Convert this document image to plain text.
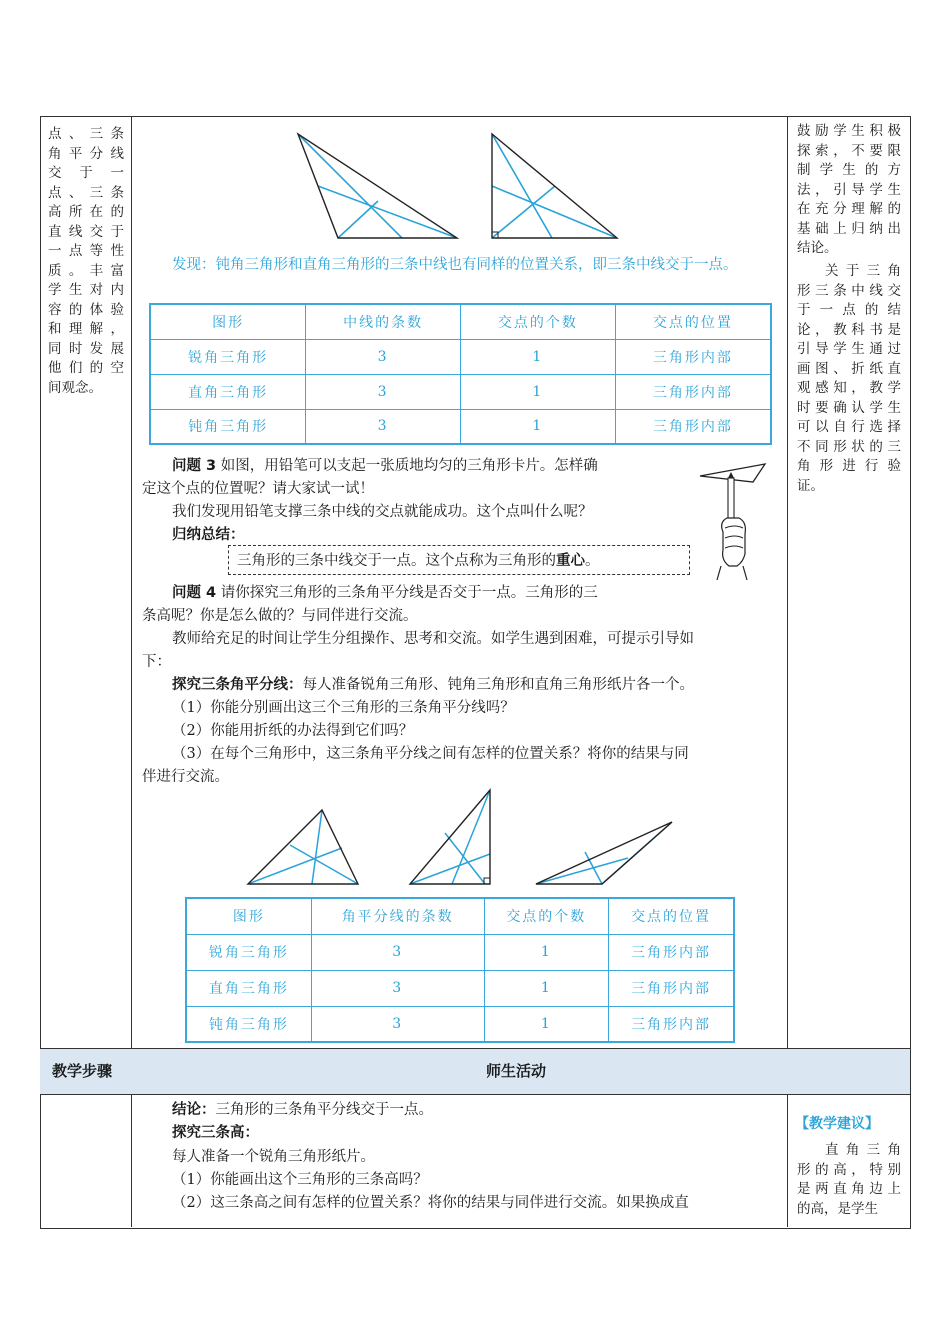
教学步骤	师生活动
点、三条
角平分线
交于一
点、三条
高所在的
直线交于
一点等性
质。丰富
学生对内
容的体验
和理解，
同时发展
他们的空
间观念。
鼓励学生积极
探索，不要限
制学生的方
法，引导学生
在充分理解的
基础上归纳出
结论。
关于三角
形三条中线交
于一点的结
论，教科书是
引导学生通过
画图、折纸直
观感知，教学
时要确认学生
可以自行选择
不同形状的三
角形进行验
证。
发现：钝角三角形和直角三角形的三条中线也有同样的位置关系，即三条中线交于一点。
图形	中线的条数	交点的个数	交点的位置
锐角三角形	3	1	三角形内部
直角三角形	3	1	三角形内部
钝角三角形	3	1	三角形内部
问题 3 如图，用铅笔可以支起一张质地均匀的三角形卡片。怎样确
定这个点的位置呢？请大家试一试！
我们发现用铅笔支撑三条中线的交点就能成功。这个点叫什么呢？
归纳总结：
三角形的三条中线交于一点。这个点称为三角形的重心。
问题 4 请你探究三角形的三条角平分线是否交于一点。三角形的三
条高呢？你是怎么做的？与同伴进行交流。
教师给充足的时间让学生分组操作、思考和交流。如学生遇到困难，可提示引导如
下：
探究三条角平分线：每人准备锐角三角形、钝角三角形和直角三角形纸片各一个。
（1）你能分别画出这三个三角形的三条角平分线吗？
（2）你能用折纸的办法得到它们吗？
（3）在每个三角形中，这三条角平分线之间有怎样的位置关系？将你的结果与同
伴进行交流。
图形	角平分线的条数	交点的个数	交点的位置
锐角三角形	3	1	三角形内部
直角三角形	3	1	三角形内部
钝角三角形	3	1	三角形内部
结论：三角形的三条角平分线交于一点。
探究三条高：
每人准备一个锐角三角形纸片。
（1）你能画出这个三角形的三条高吗？
（2）这三条高之间有怎样的位置关系？将你的结果与同伴进行交流。如果换成直
【教学建议】
直角三角
形的高，特别
是两直角边上
的高，是学生
